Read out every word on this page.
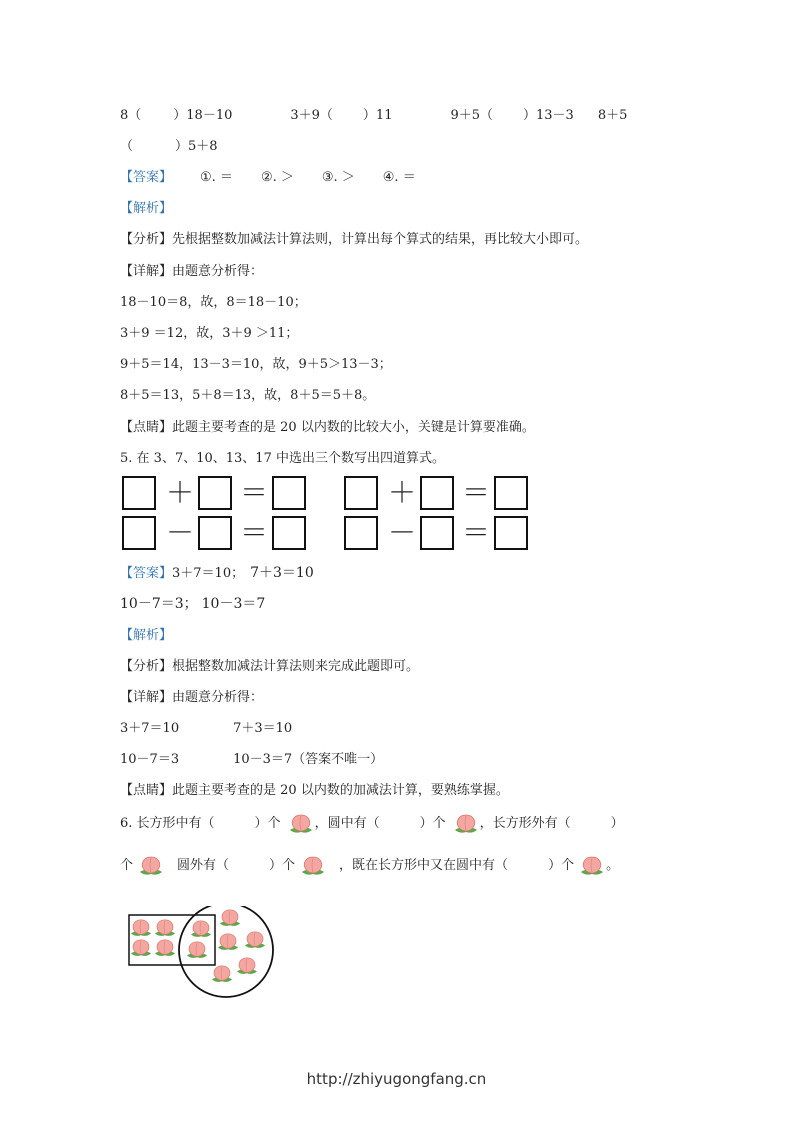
8（ ）18－10	3＋9（ ）11	9＋5（ ）13－3 8＋5
（	）5＋8
【答案】 ①. ＝ ②. ＞ ③. ＞ ④. ＝
【解析】
【分析】先根据整数加减法计算法则，计算出每个算式的结果，再比较大小即可。
【详解】由题意分析得：
18－10＝8，故，8＝18－10；
3＋9 ＝12，故，3＋9 ＞11；
9＋5＝14，13－3＝10，故，9＋5＞13－3；
8＋5＝13，5＋8＝13，故，8＋5＝5＋8。
【点睛】此题主要考查的是 20 以内数的比较大小，关键是计算要准确。
5. 在 3、7、10、13、17 中选出三个数写出四道算式。
＋ ＝	＋ ＝
－ ＝	－ ＝
【答案】3＋7＝10； 7＋3＝10
10－7＝3； 10－3＝7
【解析】
【分析】根据整数加减法计算法则来完成此题即可。
【详解】由题意分析得：
3＋7＝10	7＋3＝10
10－7＝3	10－3＝7（答案不唯一）
【点睛】此题主要考查的是 20 以内数的加减法计算，要熟练掌握。
6. 长方形中有（	）个	，圆中有（	）个	，长方形外有（	）
个	圆外有（	）个	，既在长方形中又在圆中有（	）个 。
http://zhiyugongfang.cn
